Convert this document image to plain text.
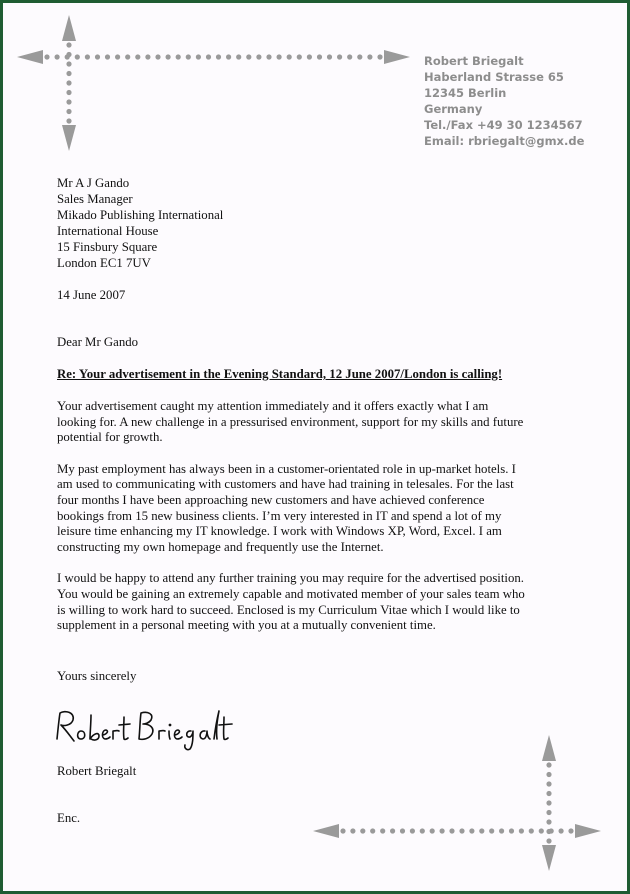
Robert Briegalt
Haberland Strasse 65
12345 Berlin
Germany
Tel./Fax +49 30 1234567
Email: rbriegalt@gmx.de
Mr A J Gando
Sales Manager
Mikado Publishing International
International House
15 Finsbury Square
London EC1 7UV
14 June 2007
Dear Mr Gando
Re: Your advertisement in the Evening Standard, 12 June 2007/London is calling!

Your advertisement caught my attention immediately and it offers exactly what I am looking for. A new challenge in a pressurised environment, support for my skills and future potential for growth.

My past employment has always been in a customer-orientated role in up-market hotels. I am used to communicating with customers and have had training in telesales. For the last four months I have been approaching new customers and have achieved conference bookings from 15 new business clients. I’m very interested in IT and spend a lot of my leisure time enhancing my IT knowledge. I work with Windows XP, Word, Excel. I am constructing my own homepage and frequently use the Internet.

I would be happy to attend any further training you may require for the advertised position. You would be gaining an extremely capable and motivated member of your sales team who is willing to work hard to succeed. Enclosed is my Curriculum Vitae which I would like to supplement in a personal meeting with you at a mutually convenient time.

Yours sincerely
Robert Briegalt
Enc.
